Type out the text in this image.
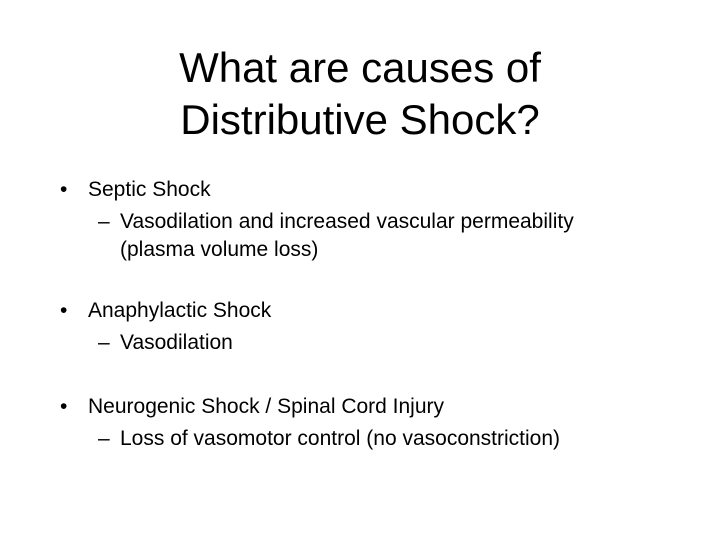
What are causes of
Distributive Shock?
• Septic Shock
– Vasodilation and increased vascular permeability
(plasma volume loss)
• Anaphylactic Shock
– Vasodilation
• Neurogenic Shock / Spinal Cord Injury
– Loss of vasomotor control (no vasoconstriction)
